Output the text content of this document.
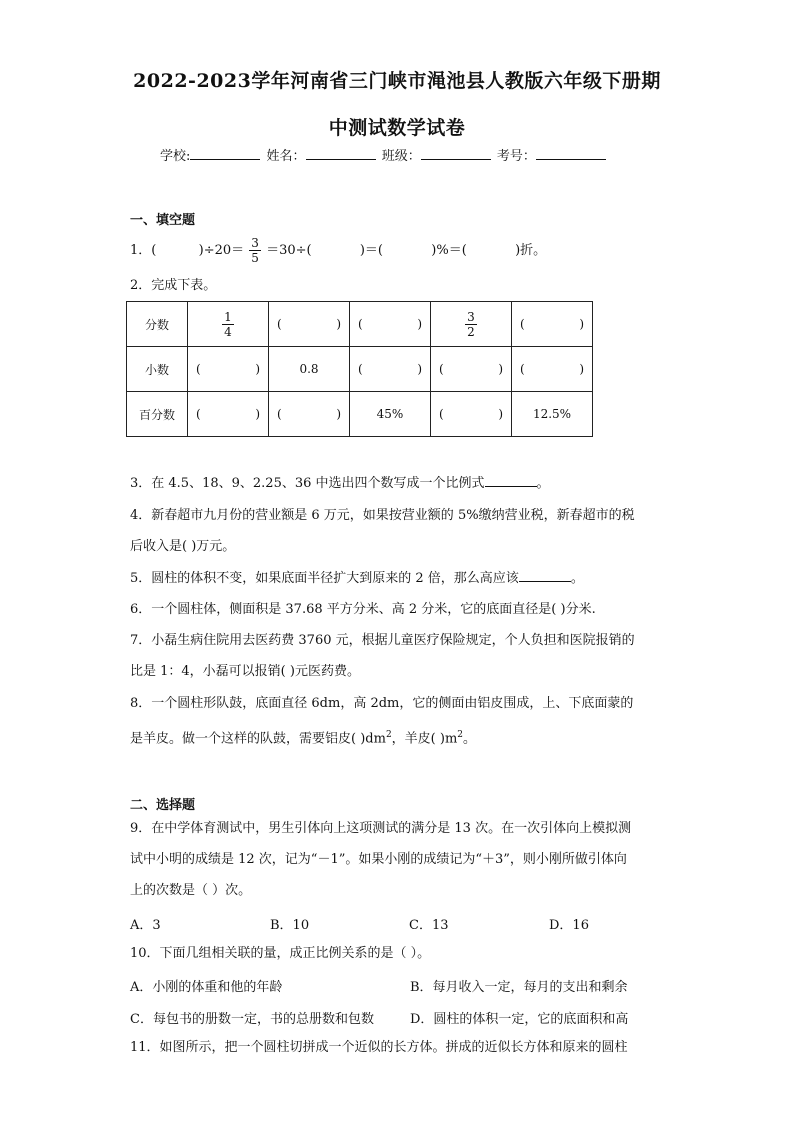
2022-2023学年河南省三门峡市渑池县人教版六年级下册期
中测试数学试卷
学校:	姓名：	班级：	考号：
一、填空题
1．(	)$\div 20= \frac{3}{5} =30\div$(	)＝(	)%＝(	)折。
2．完成下表。
分数	$\frac{1}{4}$	( )	( )	$\frac{3}{2}$	( )

小数	( )	0.8	( )	( )	( )

百分数	( )	( )	45%	( )	12.5%
3．在 4.5、18、9、2.25、36 中选出四个数写成一个比例式	。
4．新春超市九月份的营业额是 6 万元，如果按营业额的 5%缴纳营业税，新春超市的税
后收入是( )万元。
5．圆柱的体积不变，如果底面半径扩大到原来的 2 倍，那么高应该	。
6．一个圆柱体，侧面积是 37.68 平方分米、高 2 分米，它的底面直径是( )分米.
7．小磊生病住院用去医药费 3760 元，根据儿童医疗保险规定，个人负担和医院报销的
比是 1：4，小磊可以报销( )元医药费。
8．一个圆柱形队鼓，底面直径 6dm，高 2dm，它的侧面由铝皮围成，上、下底面蒙的
是羊皮。做一个这样的队鼓，需要铝皮( )$dm^2$，羊皮( )$m^2$。
二、选择题
9．在中学体育测试中，男生引体向上这项测试的满分是 13 次。在一次引体向上模拟测
试中小明的成绩是 12 次，记为“－1”。如果小刚的成绩记为“＋3”，则小刚所做引体向
上的次数是（ ）次。
A．3	B．10	C．13	D．16
10．下面几组相关联的量，成正比例关系的是（ ）。
A．小刚的体重和他的年龄	B．每月收入一定，每月的支出和剩余
C．每包书的册数一定，书的总册数和包数	D．圆柱的体积一定，它的底面积和高
11．如图所示，把一个圆柱切拼成一个近似的长方体。拼成的近似长方体和原来的圆柱
